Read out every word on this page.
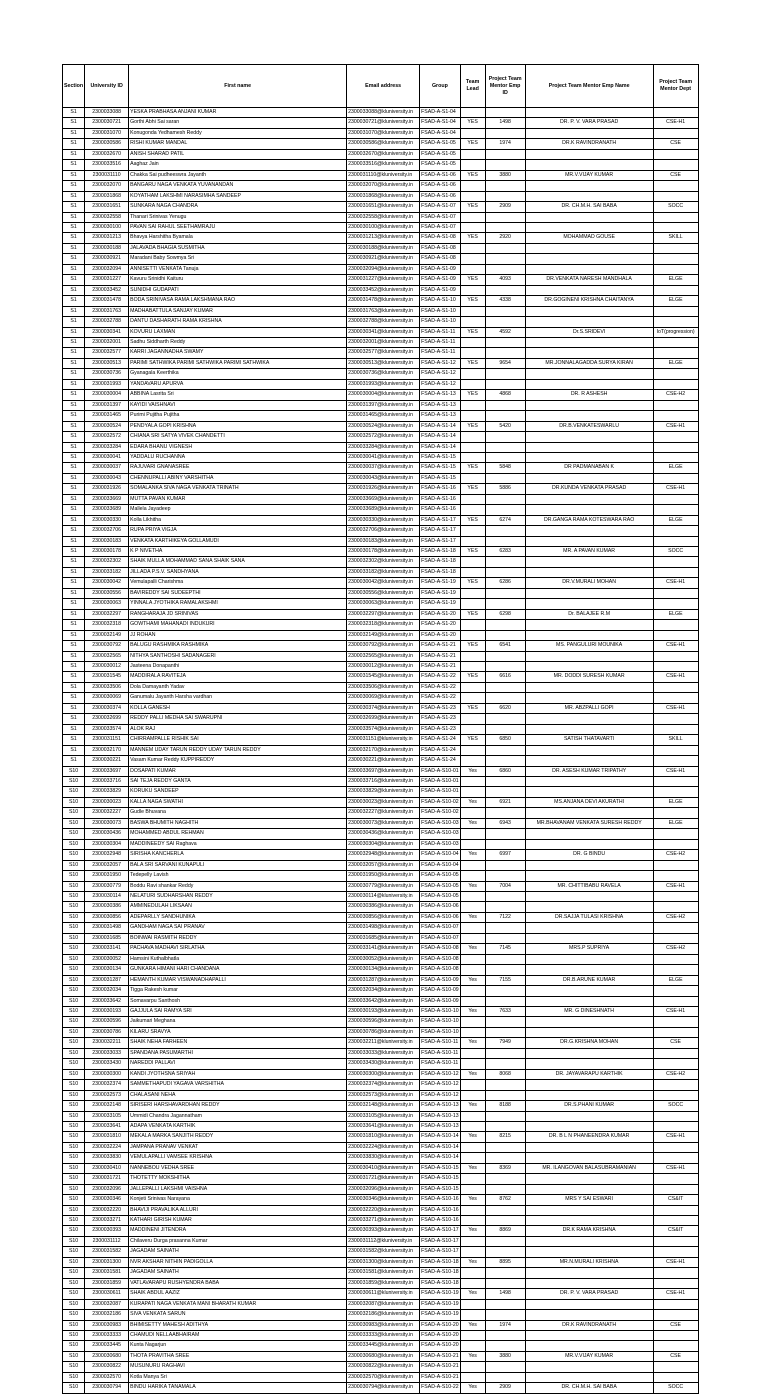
Section	University ID	First name	Email address	Group	Team Lead	Project Team Mentor Emp ID	Project Team Mentor Emp Name	Project Team Mentor Dept
S1	2300033088	YESKA PRABHASA ANJANI KUMAR	2300033088@kluniversity.in	FSAD-A-S1-04				
S1	2300030721	Gorthi Abhi Sai saran	2300030721@kluniversity.in	FSAD-A-S1-04	YES	1498	DR. P. V. VARA PRASAD	CSE-H1
S1	2300031070	Konugonda Yedhamesh Reddy	2300031070@kluniversity.in	FSAD-A-S1-04				
S1	2300030586	RISHI KUMAR MANDAL	2300030586@kluniversity.in	FSAD-A-S1-05	YES	1974	DR.K RAVINDRANATH	CSE
S1	2300032670	ANISH SHARAD PATIL	2300032670@kluniversity.in	FSAD-A-S1-05				
S1	2300033516	Aaghaz Jain	2300033516@kluniversity.in	FSAD-A-S1-05				
S1	2300031110	Chakka Sai pudheeswra Jayanth	2300031110@kluniversity.in	FSAD-A-S1-06	YES	3880	MR.V.VIJAY KUMAR	CSE
S1	2300032070	BANGARU NAGA VENKATA YUVANANDAN	2300032070@kluniversity.in	FSAD-A-S1-06				
S1	2300031868	KOYATHAM LAKSHMI NARASIMHA SANDEEP	2300031868@kluniversity.in	FSAD-A-S1-06				
S1	2300031651	SUNKARA NAGA CHANDRA	2300031651@kluniversity.in	FSAD-A-S1-07	YES	2909	DR. CH.M.H. SAI BABA	SOCC
S1	2300032558	Thanari Srinivas Yenugu	2300032558@kluniversity.in	FSAD-A-S1-07				
S1	2300030100	PAVAN SAI RAHUL SEETHAMRAJU	2300030100@kluniversity.in	FSAD-A-S1-07				
S1	2300031213	Bhavya Harshitha Byamala	2300031213@kluniversity.in	FSAD-A-S1-08	YES	2920	MOHAMMAD GOUSE	SKILL
S1	2300030188	JALAVADA BHAGIA SUSMITHA	2300030188@kluniversity.in	FSAD-A-S1-08				
S1	2300030921	Maradani Baby Sowmya Sri	2300030921@kluniversity.in	FSAD-A-S1-08				
S1	2300032094	ANNISETTI VENKATA Tanuja	2300032094@kluniversity.in	FSAD-A-S1-09				
S1	2300031227	Kavuru Srinidhi Kaituru	2300031227@kluniversity.in	FSAD-A-S1-09	YES	4093	DR.VENKATA NARESH MANDHALA	ELGE
S1	2300033452	SUNIDHI GUDAPATI	2300033452@kluniversity.in	FSAD-A-S1-09				
S1	2300031478	BODA SRINIVASA RAMA LAKSHMANA RAO	2300031478@kluniversity.in	FSAD-A-S1-10	YES	4338	DR.GOGINENI KRISHNA CHAITANYA	ELGE
S1	2300031763	MADHABATTULA SANJAY KUMAR	2300031763@kluniversity.in	FSAD-A-S1-10				
S1	2300032788	DANTU DASHARATH RAMA KRISHNA	2300032788@kluniversity.in	FSAD-A-S1-10				
S1	2300030341	KOVURU LAXMAN	2300030341@kluniversity.in	FSAD-A-S1-11	YES	4592	Dr.S.SRIDEVI	IoT(progression)
S1	2300032001	Sadhu Siddharth Reddy	2300032001@kluniversity.in	FSAD-A-S1-11				
S1	2300032577	KARRI JAGANNADHA SWAMY	2300032577@kluniversity.in	FSAD-A-S1-11				
S1	2300030513	PARIMI SATHWIKA PARIMI SATHWIKA PARIMI SATHWIKA	2300030513@kluniversity.in	FSAD-A-S1-12	YES	9654	MR.JONNALAGADDA SURYA KIRAN	ELGE
S1	2300030736	Gyanagala Keerthika	2300030736@kluniversity.in	FSAD-A-S1-12				
S1	2300031993	YANDAVARU APURVA	2300031993@kluniversity.in	FSAD-A-S1-12				
S1	2300030004	ABBINA Lasrita Sri	2300030004@kluniversity.in	FSAD-A-S1-13	YES	4868	DR. R ASHESH	CSE-H2
S1	2300031397	KAYIDI VAISHNAVI	2300031397@kluniversity.in	FSAD-A-S1-13				
S1	2300031465	Purimi Pujitha Pujitha	2300031465@kluniversity.in	FSAD-A-S1-13				
S1	2300030524	PENDYALA GOPI KRISHNA	2300030524@kluniversity.in	FSAD-A-S1-14	YES	5420	DR.B.VENKATESWARLU	CSE-H1
S1	2300032572	CHIANA SRI SATYA VIVEK CHANDETTI	2300032572@kluniversity.in	FSAD-A-S1-14				
S1	2300033284	EDARA BHANU VIGNESH	2300033284@kluniversity.in	FSAD-A-S1-14				
S1	2300030041	YADDALU RUCHANNA	2300030041@kluniversity.in	FSAD-A-S1-15				
S1	2300030037	RAJUVARI GNANASREE	2300030037@kluniversity.in	FSAD-A-S1-15	YES	5848	DR PADMANABAN K	ELGE
S1	2300030043	CHENNUPALLI ABINY VARSHITHA	2300030043@kluniversity.in	FSAD-A-S1-15				
S1	2300031926	SOMALANKA SIVA NAGA VENKATA TRINATH	2300031926@kluniversity.in	FSAD-A-S1-16	YES	5886	DR.KUNDA VENKATA PRASAD	CSE-H1
S1	2300033669	MUTTA PAVAN KUMAR	2300033669@kluniversity.in	FSAD-A-S1-16				
S1	2300033689	Mallela Jayadeep	2300033689@kluniversity.in	FSAD-A-S1-16				
S1	2300030330	Kolla Likhitha	2300030330@kluniversity.in	FSAD-A-S1-17	YES	6274	DR.GANGA RAMA KOTESWARA RAO	ELGE
S1	2300032706	RUPA PRIYA VIGJA	2300032706@kluniversity.in	FSAD-A-S1-17				
S1	2300030183	VENKATA KARTHIKEYA GOLLAMUDI	2300030183@kluniversity.in	FSAD-A-S1-17				
S1	2300030178	K P NIVETHA	2300030178@kluniversity.in	FSAD-A-S1-18	YES	6283	MR. A PAVAN KUMAR	SOCC
S1	2300032302	SHAIK MULLA MOHAMMAD SANA SHAIK SANA	2300032302@kluniversity.in	FSAD-A-S1-18				
S1	2300033182	JILLADA P.S.V. SANDHYANA	2300033182@kluniversity.in	FSAD-A-S1-18				
S1	2300030042	Vemulapalli Charishma	2300030042@kluniversity.in	FSAD-A-S1-19	YES	6286	DR.V.MURALI MOHAN	CSE-H1
S1	2300030556	BAVIREDDY SAI SUDEEPTHI	2300030556@kluniversity.in	FSAD-A-S1-19				
S1	2300030063	YINNALA JYOTHIKA RAMALAKSHMI	2300030063@kluniversity.in	FSAD-A-S1-19				
S1	2300032297	RANGHARAJA JD SRINIVAS	2300032297@kluniversity.in	FSAD-A-S1-20	YES	6298	Dr. BALAJEE R.M	ELGE
S1	2300032318	GOWTHAMI MAHANADI INDUKURI	2300032318@kluniversity.in	FSAD-A-S1-20				
S1	2300032149	JJ ROHAN	2300032149@kluniversity.in	FSAD-A-S1-20				
S1	2300030792	BALUGU RASHMIKA RASHMIKA	2300030792@kluniversity.in	FSAD-A-S1-21	YES	6541	MS. PANGULURI MOUNIKA	CSE-H1
S1	2300032565	NITHYA SANTHOSHI SADANAGERI	2300032565@kluniversity.in	FSAD-A-S1-21				
S1	2300030012	Jasteena Donapanthi	2300030012@kluniversity.in	FSAD-A-S1-21				
S1	2300031545	MADDIRALA RAVITEJA	2300031545@kluniversity.in	FSAD-A-S1-22	YES	6616	MR. DODDI SURESH KUMAR	CSE-H1
S1	2300033506	Dola Damayanth Yadav	2300033506@kluniversity.in	FSAD-A-S1-22				
S1	2300030069	Ganumalu Jayanth Harsha vardhan	2300030069@kluniversity.in	FSAD-A-S1-22				
S1	2300030374	KOLLA GANESH	2300030374@kluniversity.in	FSAD-A-S1-23	YES	6620	MR. ABZPALLI GOPI	CSE-H1
S1	2300032699	REDDY PALLI MEDHA SAI SWARUPNI	2300032699@kluniversity.in	FSAD-A-S1-23				
S1	2300033574	ALOK RAJ	2300033574@kluniversity.in	FSAD-A-S1-23				
S1	2300031151	CHIRRAMPALLE RISHIK SAI	2300031151@kluniversity.in	FSAD-A-S1-24	YES	6850	SATISH THATAVARTI	SKILL
S1	2300032170	MANNEM UDAY TARUN REDDY UDAY TARUN REDDY	2300032170@kluniversity.in	FSAD-A-S1-24				
S1	2300030221	Vasam Kumar Reddy KUPPIREDDY	2300030221@kluniversity.in	FSAD-A-S1-24				
S10	2300033697	DOSAPATI KUMAR	2300033697@kluniversity.in	FSAD-A-S10-01	Yes	6860	DR. ASESH KUMAR TRIPATHY	CSE-H1
S10	2300033716	SAI TEJA REDDY GANTA	2300033716@kluniversity.in	FSAD-A-S10-01				
S10	2300033829	KORUKU SANDEEP	2300033829@kluniversity.in	FSAD-A-S10-01				
S10	2300030023	KALLA NAGA SWATHI	2300030023@kluniversity.in	FSAD-A-S10-02	Yes	6921	MS.ANJANA DEVI AKURATHI	ELGE
S10	2300032227	Gudle Bhuvana	2300032227@kluniversity.in	FSAD-A-S10-02				
S10	2300030073	BASWA BHUMITH NAGHITH	2300030073@kluniversity.in	FSAD-A-S10-03	Yes	6943	MR.BHAVANAM VENKATA SURESH REDDY	ELGE
S10	2300030436	MOHAMMED ABDUL REHMAN	2300030436@kluniversity.in	FSAD-A-S10-03				
S10	2300030304	MADDINEEDY SAI Raghava	2300030304@kluniversity.in	FSAD-A-S10-03				
S10	2300032948	SIRISHA KANCHERLA	2300032948@kluniversity.in	FSAD-A-S10-04	Yes	6997	DR. G BINDU	CSE-H2
S10	2300032057	BALA SRI SARVANI KUNAPULI	2300032057@kluniversity.in	FSAD-A-S10-04				
S10	2300031950	Tedepelly Lavish	2300031950@kluniversity.in	FSAD-A-S10-05				
S10	2300030779	Boddu Ravi shankar Reddy	2300030779@kluniversity.in	FSAD-A-S10-05	Yes	7004	MR. CHITTIBABU RAVELA	CSE-H1
S10	2300030114	NELATURI SUDHARSHAN REDDY	2300030114@kluniversity.in	FSAD-A-S10-05				
S10	2300030386	AMMINEDULAH LIKSAAN	2300030386@kluniversity.in	FSAD-A-S10-06				
S10	2300030856	ADEPARLLY SANDHUNIKA	2300030856@kluniversity.in	FSAD-A-S10-06	Yes	7122	DR.SAJJA TULASI KRISHNA	CSE-H2
S10	2300031498	GANDHAM NAGA SAI PRANAV	2300031498@kluniversity.in	FSAD-A-S10-07				
S10	2300031685	BOINWAI RASMITH REDDY	2300031685@kluniversity.in	FSAD-A-S10-07				
S10	2300033141	PACHAVA MADHAVI SIRLATHA	2300033141@kluniversity.in	FSAD-A-S10-08	Yes	7145	MRS.P SUPRIYA	CSE-H2
S10	2300030052	Hamsini Kuthalbhatla	2300030052@kluniversity.in	FSAD-A-S10-08				
S10	2300030134	GUNKARA HIMANI HARI CHANDANA	2300030134@kluniversity.in	FSAD-A-S10-08				
S10	2300031287	HEMANTH KUMAR VISWANADHAPALLI	2300031287@kluniversity.in	FSAD-A-S10-09	Yes	7155	DR.B.ARUNE KUMAR	ELGE
S10	2300032034	Tigga Rakesh kumar	2300032034@kluniversity.in	FSAD-A-S10-09				
S10	2300033642	Somavarpu Santhosh	2300033642@kluniversity.in	FSAD-A-S10-09				
S10	2300030193	GAJJULA SAI RAMYA SRI	2300030193@kluniversity.in	FSAD-A-S10-10	Yes	7633	MR. G DINESHNATH	CSE-H1
S10	2300030596	Jaikumari Meghana	2300030596@kluniversity.in	FSAD-A-S10-10				
S10	2300030786	KILARU SRAVYA	2300030786@kluniversity.in	FSAD-A-S10-10				
S10	2300032211	SHAIK NEHA FARHEEN	2300032211@kluniversity.in	FSAD-A-S10-11	Yes	7949	DR.G.KRISHNA MOHAN	CSE
S10	2300033033	SPANDANA PASUMARTHI	2300033033@kluniversity.in	FSAD-A-S10-11				
S10	2300033430	NAREDDI PALLAVI	2300033430@kluniversity.in	FSAD-A-S10-11				
S10	2300030300	KANDI JYOTHSNA SRIYAH	2300030300@kluniversity.in	FSAD-A-S10-12	Yes	8068	DR. JAYAVARAPU KARTHIK	CSE-H2
S10	2300032374	SAMMETHAPUDI YAGAVA VARSHITHA	2300032374@kluniversity.in	FSAD-A-S10-12				
S10	2300032573	CHALASANI NEHA	2300032573@kluniversity.in	FSAD-A-S10-12				
S10	2300032148	SIRISERI HARSHAVARDHAN REDDY	2300032148@kluniversity.in	FSAD-A-S10-13	Yes	8188	DR.S.PHANI KUMAR	SOCC
S10	2300033105	Ummidi Chandra Jagannatham	2300033105@kluniversity.in	FSAD-A-S10-13				
S10	2300033641	ADAPA VENKATA KARTHIK	2300033641@kluniversity.in	FSAD-A-S10-13				
S10	2300031810	MEKALA MARKA SANJITH REDDY	2300031810@kluniversity.in	FSAD-A-S10-14	Yes	8215	DR. B L N PHANEENDRA KUMAR	CSE-H1
S10	2300032224	JAMPANA PRANAV VENKAT	2300032224@kluniversity.in	FSAD-A-S10-14				
S10	2300033830	VEMULAPALLI VAMSEE KRISHNA	2300033830@kluniversity.in	FSAD-A-S10-14				
S10	2300030410	NANNEBOU VEDHA SREE	2300030410@kluniversity.in	FSAD-A-S10-15	Yes	8369	MR. ILANGOVAN BALASUBRAMANIAN	CSE-H1
S10	2300031721	THOTETTY MOKSHITHA	2300031721@kluniversity.in	FSAD-A-S10-15				
S10	2300032096	JALLEPALLI LAKSHMI VAISHNA	2300032096@kluniversity.in	FSAD-A-S10-15				
S10	2300030346	Konjeti Srinivas Narayana	2300030346@kluniversity.in	FSAD-A-S10-16	Yes	8762	MRS Y SAI ESWARI	CS&IT
S10	2300032220	BHAVIJI PRAVALIKA ALLURI	2300032220@kluniversity.in	FSAD-A-S10-16				
S10	2300033271	KATHARI GIRISH KUMAR	2300033271@kluniversity.in	FSAD-A-S10-16				
S10	2300030393	MADDINENI JITENDRA	2300030393@kluniversity.in	FSAD-A-S10-17	Yes	8869	DR.K RAMA KRISHNA	CS&IT
S10	2300031112	Chilaveru Durga prasanna Kumar	2300031112@kluniversity.in	FSAD-A-S10-17				
S10	2300031582	JAGADAM SAINATH	2300031582@kluniversity.in	FSAD-A-S10-17				
S10	2300031300	NVR AKSHAR NITHIN PADIGOLLA	2300031300@kluniversity.in	FSAD-A-S10-18	Yes	8895	MR.N.MURALI KRISHNA	CSE-H1
S10	2300031581	JAGADAM SAINATH	2300031581@kluniversity.in	FSAD-A-S10-18				
S10	2300031859	VATLAVARAPU RUSHYENDRA BABA	2300031859@kluniversity.in	FSAD-A-S10-18				
S10	2300030611	SHAIK ABDUL AAZIZ	2300030611@kluniversity.in	FSAD-A-S10-19	Yes	1498	DR. P. V. VARA PRASAD	CSE-H1
S10	2300032087	KURAPATI NAGA VENKATA MANI BHARATH KUMAR	2300032087@kluniversity.in	FSAD-A-S10-19				
S10	2300032186	SIVA VENKATA SARUN	2300032186@kluniversity.in	FSAD-A-S10-19				
S10	2300030983	BHIMISETTY MAHESH ADITHYA	2300030983@kluniversity.in	FSAD-A-S10-20	Yes	1974	DR.K RAVINDRANATH	CSE
S10	2300033333	CHAMUDI NELLAABHAIRAM	2300033333@kluniversity.in	FSAD-A-S10-20				
S10	2300033445	Kunta Nagarjun	2300033445@kluniversity.in	FSAD-A-S10-20				
S10	2300030680	THOTA PRAVITHA SREE	2300030680@kluniversity.in	FSAD-A-S10-21	Yes	3880	MR.V.VIJAY KUMAR	CSE
S10	2300030822	MUSUNURU RAGHAVI	2300030822@kluniversity.in	FSAD-A-S10-21				
S10	2300032570	Kotla Manya Sri	2300032570@kluniversity.in	FSAD-A-S10-21				
S10	2300030794	BINDU HARIKA TANAMALA	2300030794@kluniversity.in	FSAD-A-S10-22	Yes	2909	DR. CH.M.H. SAI BABA	SOCC
